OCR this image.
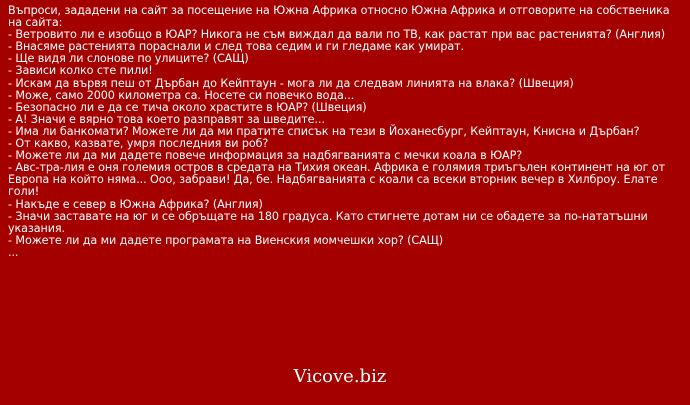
Въпроси, зададени на сайт за посещение на Южна Африка относно Южна Африка и отговорите на собственика на сайта:
- Ветровито ли е изобщо в ЮАР? Никога не съм виждал да вали по ТВ, как растат при вас растенията? (Англия)
- Внасяме растенията пораснали и след това седим и ги гледаме как умират.
- Ще видя ли слонове по улиците? (САЩ)
- Зависи колко сте пили!
- Искам да вървя пеш от Дърбан до Кейптаун - мога ли да следвам линията на влака? (Швеция)
- Може, само 2000 километра са. Носете си повечко вода...
- Безопасно ли е да се тича около храстите в ЮАР? (Швеция)
- А! Значи е вярно това което разправят за шведите...
- Има ли банкомати? Можете ли да ми пратите списък на тези в Йоханесбург, Кейптаун, Книсна и Дърбан?
- От какво, казвате, умря последния ви роб?
- Можете ли да ми дадете повече информация за надбягванията с мечки коала в ЮАР?
- Авс-тра-лия е оня големия остров в средата на Тихия океан. Африка е голямия триъгълен континент на юг от Европа на който няма... Ооо, забрави! Да, бе. Надбягванията с коали са всеки вторник вечер в Хилброу. Елате голи!
- Накъде е север в Южна Африка? (Англия)
- Значи заставате на юг и се обръщате на 180 градуса. Като стигнете дотам ни се обадете за по-нататъшни указания.
- Можете ли да ми дадете програмата на Виенския момчешки хор? (САЩ)
...
Vicove.biz
